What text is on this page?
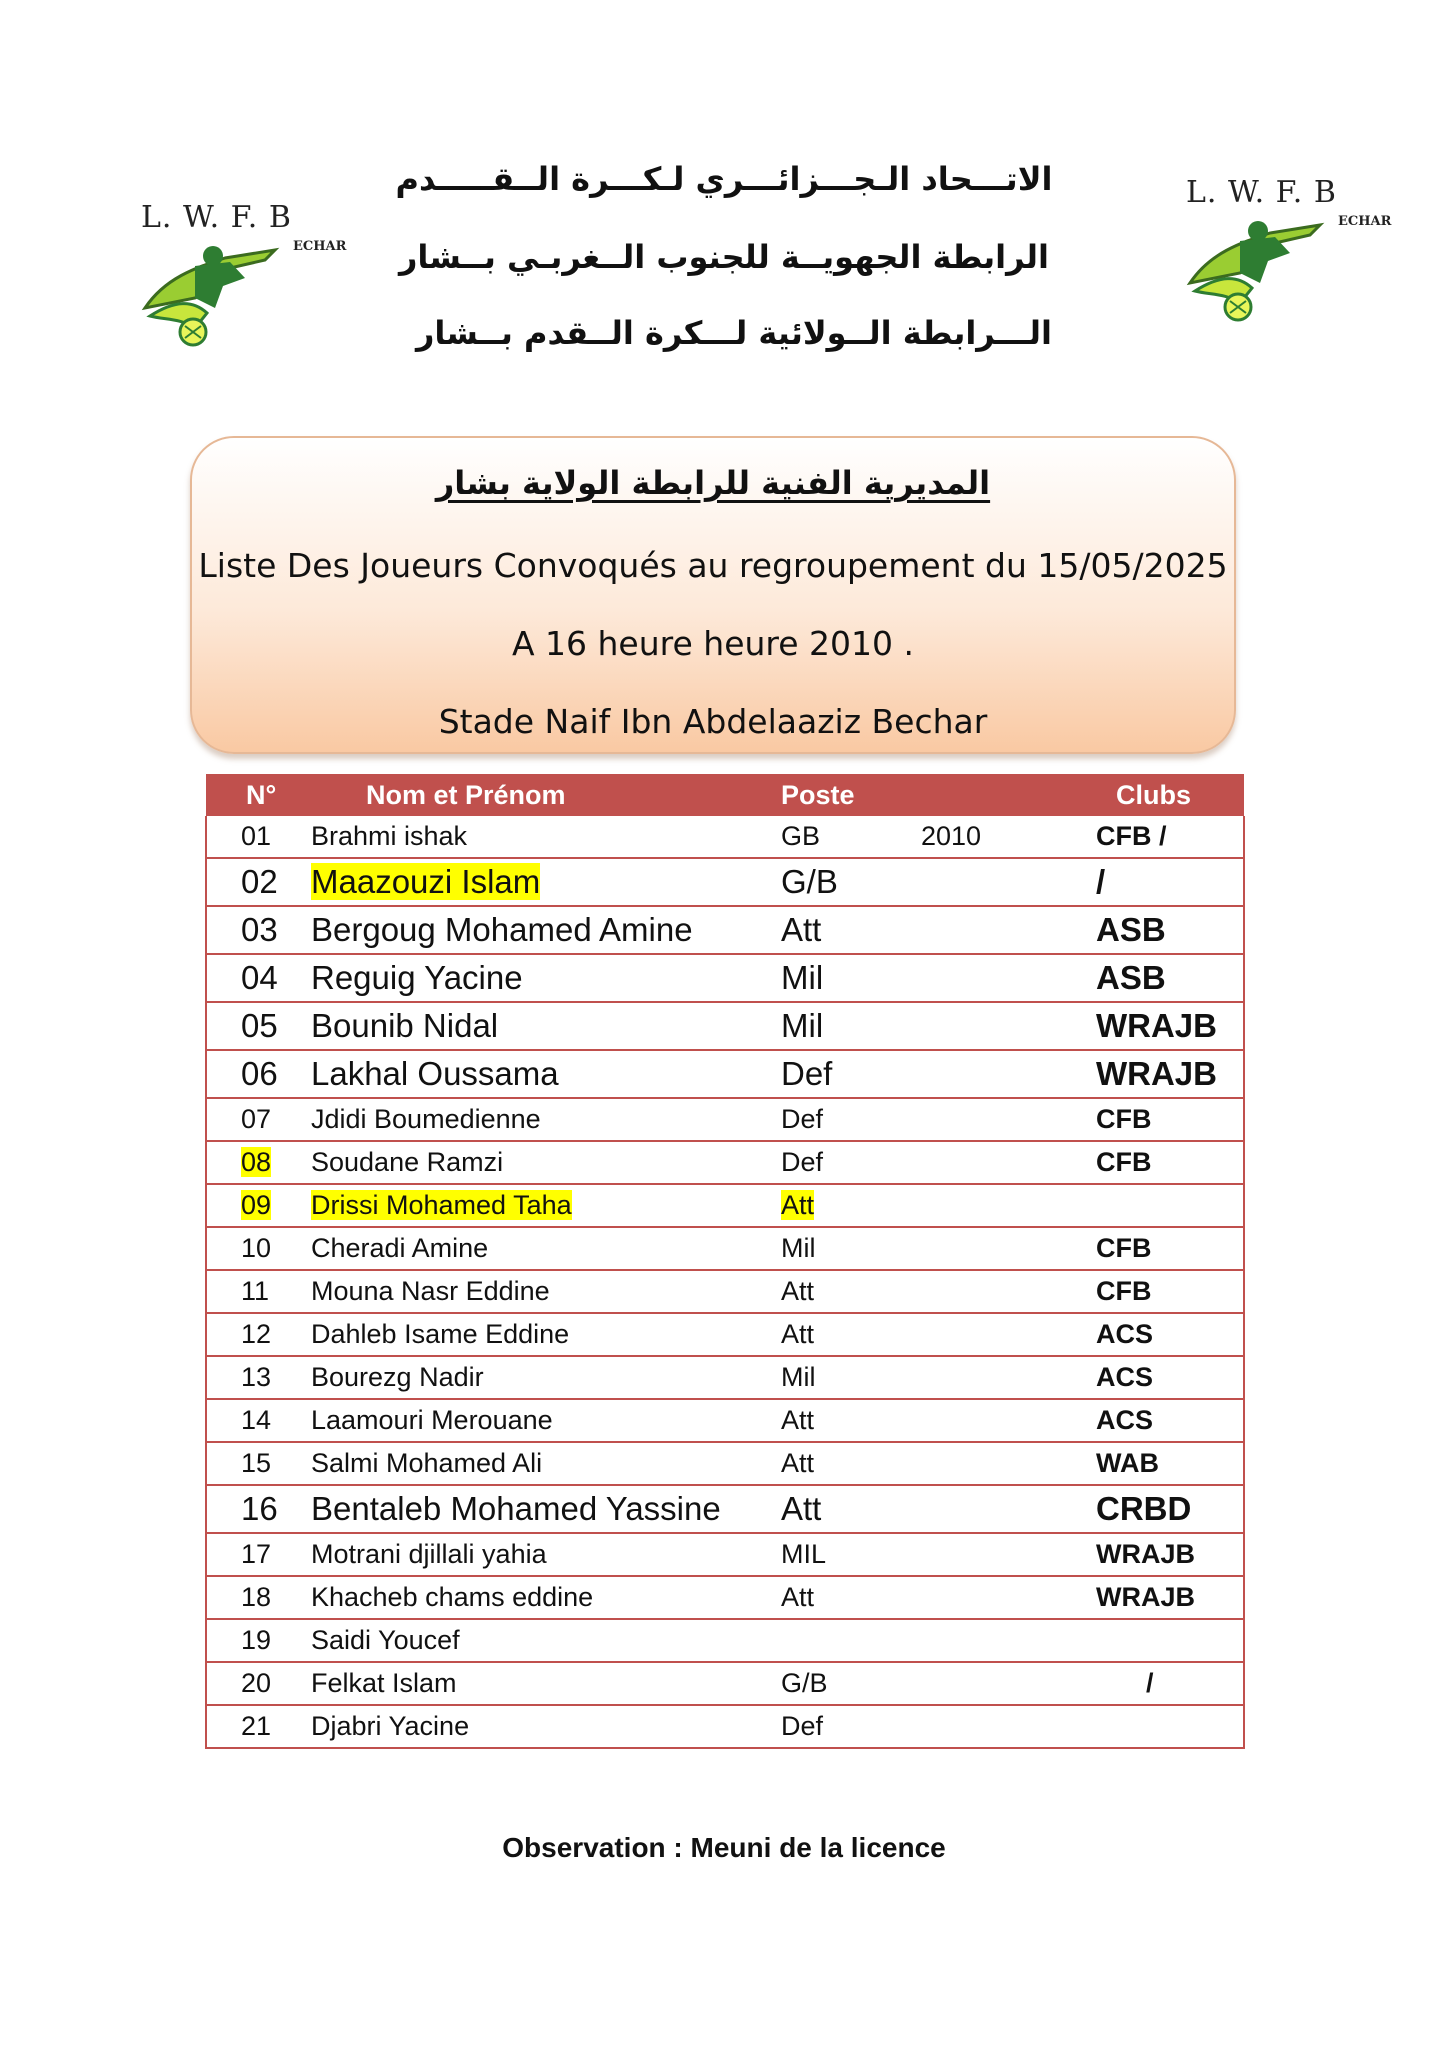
L. W. F. B
ECHAR
L. W. F. B
ECHAR
الاتـــحاد الـجـــزائـــري لـكـــرة الــقـــــدم
الرابطة الجهويــة للجنوب الــغربـي بــشار
الـــرابطة الــولائية لـــكرة الــقدم بــشار
المديرية الفنية للرابطة الولاية بشار
Liste Des Joueurs Convoqués au regroupement du 15/05/2025
A 16 heure heure 2010 .
Stade Naif Ibn Abdelaaziz Bechar
N°	Nom et Prénom	Poste		Clubs
01	Brahmi ishak	GB	2010	CFB /
02	Maazouzi Islam	G/B		/
03	Bergoug Mohamed Amine	Att		ASB
04	Reguig Yacine	Mil		ASB
05	Bounib Nidal	Mil		WRAJB
06	Lakhal Oussama	Def		WRAJB
07	Jdidi Boumedienne	Def		CFB
08	Soudane Ramzi	Def		CFB
09	Drissi Mohamed Taha	Att		
10	Cheradi Amine	Mil		CFB
11	Mouna Nasr Eddine	Att		CFB
12	Dahleb Isame Eddine	Att		ACS
13	Bourezg Nadir	Mil		ACS
14	Laamouri Merouane	Att		ACS
15	Salmi Mohamed Ali	Att		WAB
16	Bentaleb Mohamed Yassine	Att		CRBD
17	Motrani djillali yahia	MIL		WRAJB
18	Khacheb chams eddine	Att		WRAJB
19	Saidi Youcef			
20	Felkat Islam	G/B		/
21	Djabri Yacine	Def		
Observation : Meuni de la licence
